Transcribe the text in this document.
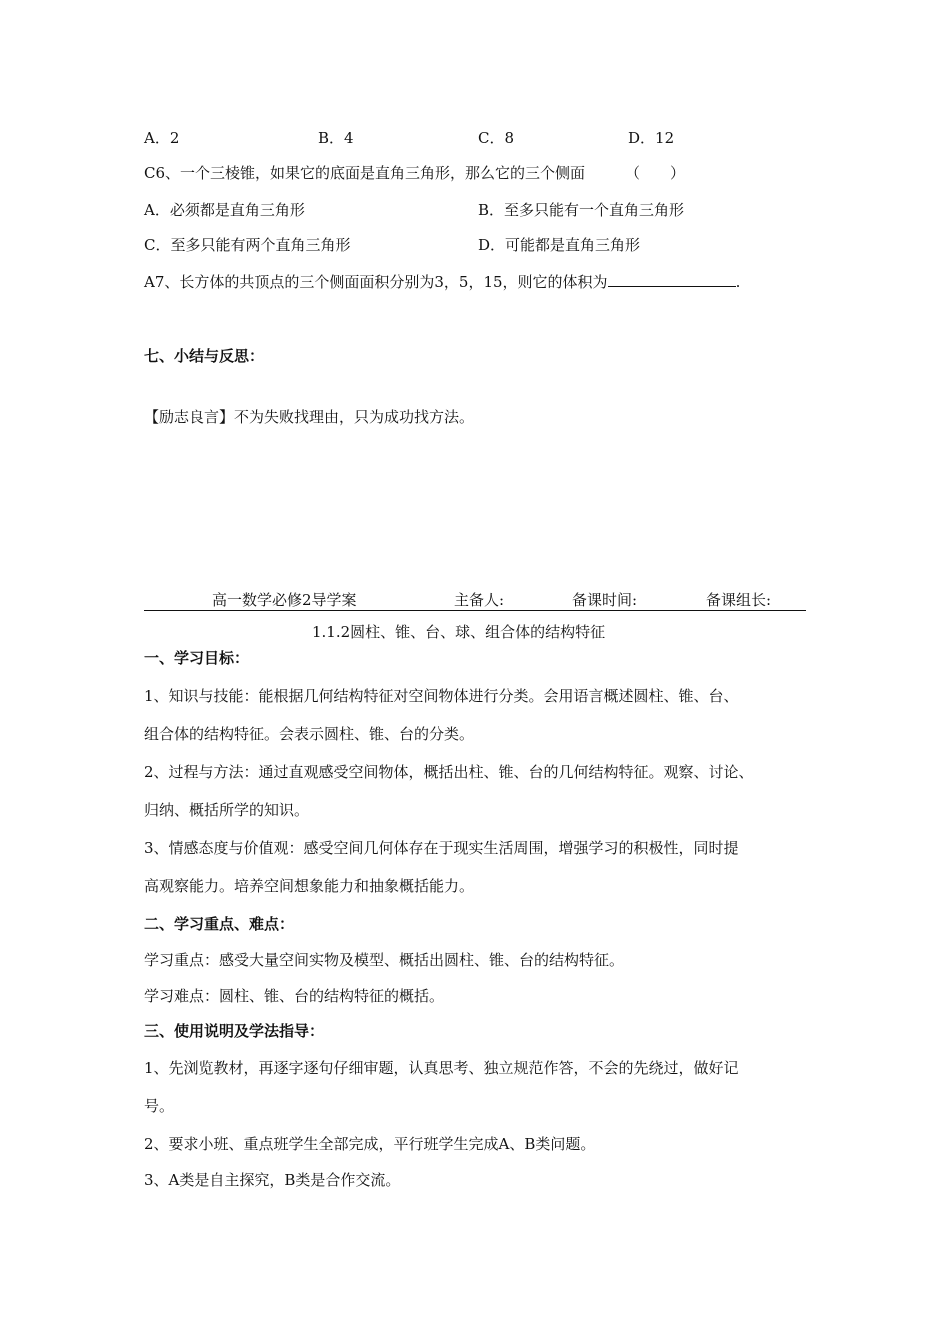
A．2	B．4	C．8	D．12
C6、一个三棱锥，如果它的底面是直角三角形，那么它的三个侧面	（　　）
A．必须都是直角三角形	B．至多只能有一个直角三角形
C．至多只能有两个直角三角形	D．可能都是直角三角形
A7、长方体的共顶点的三个侧面面积分别为3，5，15，则它的体积为	.
七、小结与反思：
【励志良言】不为失败找理由，只为成功找方法。
高一数学必修2导学案	主备人:	备课时间:	备课组长:
1.1.2圆柱、锥、台、球、组合体的结构特征
一、学习目标：
1、知识与技能：能根据几何结构特征对空间物体进行分类。会用语言概述圆柱、锥、台、
组合体的结构特征。会表示圆柱、锥、台的分类。
2、过程与方法：通过直观感受空间物体，概括出柱、锥、台的几何结构特征。观察、讨论、
归纳、概括所学的知识。
3、情感态度与价值观：感受空间几何体存在于现实生活周围，增强学习的积极性，同时提
高观察能力。培养空间想象能力和抽象概括能力。
二、学习重点、难点：
学习重点：感受大量空间实物及模型、概括出圆柱、锥、台的结构特征。
学习难点：圆柱、锥、台的结构特征的概括。
三、使用说明及学法指导：
1、先浏览教材，再逐字逐句仔细审题，认真思考、独立规范作答，不会的先绕过，做好记
号。
2、要求小班、重点班学生全部完成，平行班学生完成A、B类问题。
3、A类是自主探究，B类是合作交流。
